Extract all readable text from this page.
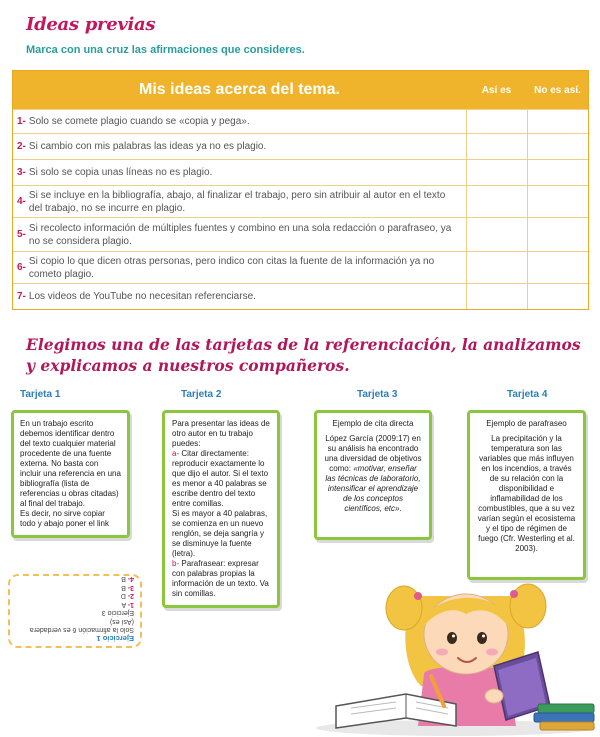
Ideas previas
Marca con una cruz las afirmaciones que consideres.
Mis ideas acerca del tema.	Así es	No es así.
1- Solo se comete plagio cuando se «copia y pega».
2- Si cambio con mis palabras las ideas ya no es plagio.
3- Si solo se copia unas líneas no es plagio.
4-
Si se incluye en la bibliografía, abajo, al finalizar el trabajo, pero sin atribuir al autor en el texto del trabajo, no se incurre en plagio.
5-
Si recolecto información de múltiples fuentes y combino en una sola redacción o parafraseo, ya no se considera plagio.
6-
Si copio lo que dicen otras personas, pero indico con citas la fuente de la información ya no cometo plagio.
7- Los videos de YouTube no necesitan referenciarse.
Elegimos una de las tarjetas de la referenciación, la analizamos y explicamos a nuestros compañeros.
Tarjeta 1	Tarjeta 2	Tarjeta 3	Tarjeta 4
En un trabajo escrito debemos identificar dentro del texto cualquier material procedente de una fuente externa. No basta con incluir una referencia en una bibliografía (lista de referencias u obras citadas) al final del trabajo.
Es decir, no sirve copiar todo y abajo poner el link
Para presentar las ideas de otro autor en tu trabajo puedes:
a- Citar directamente: reproducir exactamente lo que dijo el autor. Si el texto es menor a 40 palabras se escribe dentro del texto entre comillas.
Si es mayor a 40 palabras, se comienza en un nuevo renglón, se deja sangría y se disminuye la fuente (letra).
b- Parafrasear: expresar con palabras propias la información de un texto. Va sin comillas.
Ejemplo de cita directa
López García (2009:17) en su análisis ha encontrado una diversidad de objetivos como: «motivar, enseñar las técnicas de laboratorio, intensificar el aprendizaje de los conceptos científicos, etc».
Ejemplo de parafraseo
La precipitación y la temperatura son las variables que más influyen en los incendios, a través de su relación con la disponibilidad e inflamabilidad de los combustibles, que a su vez varían según el ecosistema y el tipo de régimen de fuego (Cfr. Westerling et al. 2003).
Ejercicio 1
Solo la afirmación 6 es verdadera (Así es)
Ejercicio 3
1- A
2- D
3- B
4- B
